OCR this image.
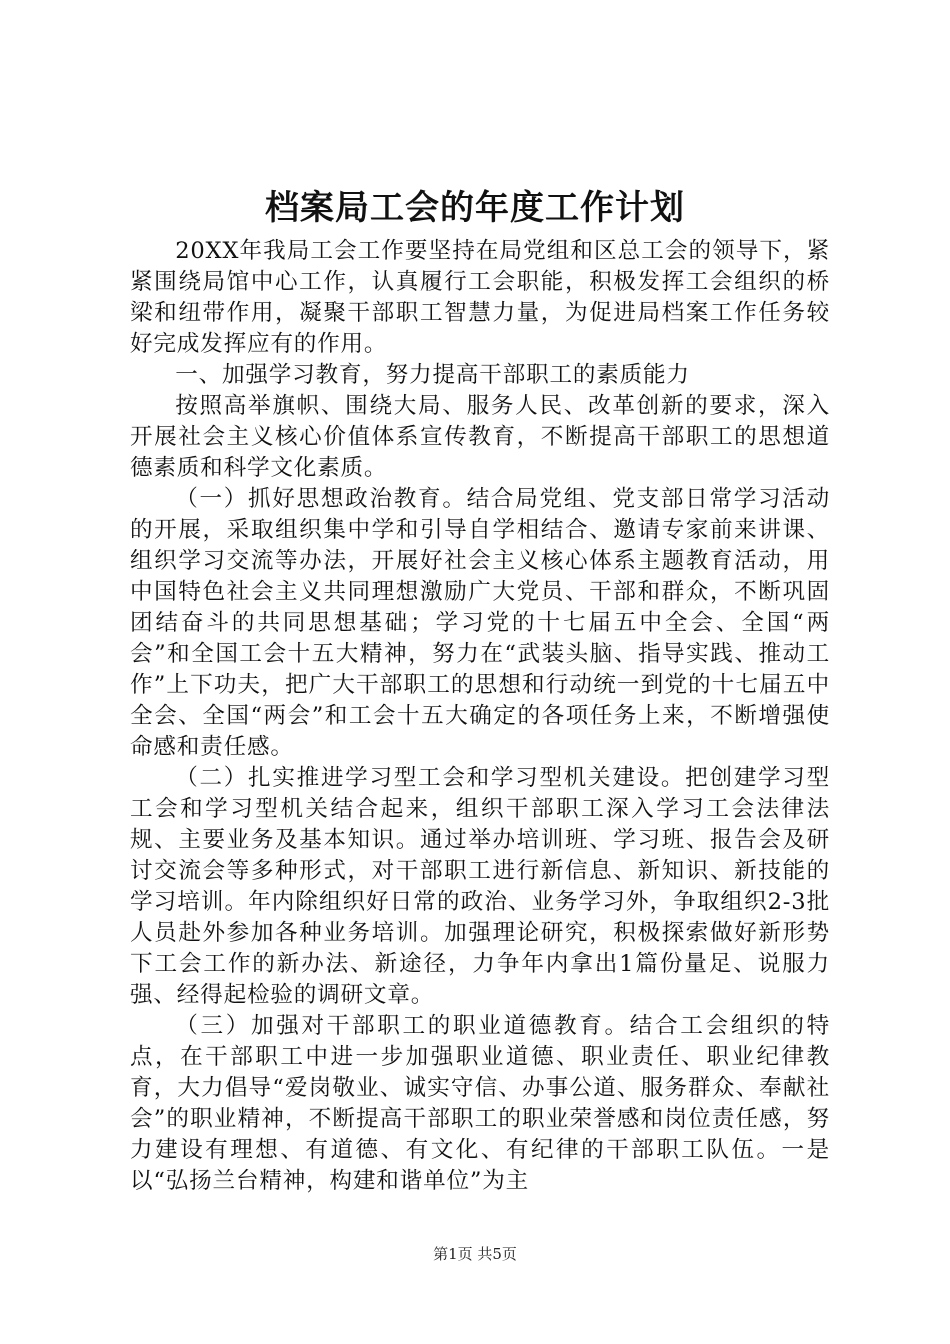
档案局工会的年度工作计划

20XX年我局工会工作要坚持在局党组和区总工会的领导下，紧紧围绕局馆中心工作，认真履行工会职能，积极发挥工会组织的桥梁和纽带作用，凝聚干部职工智慧力量，为促进局档案工作任务较好完成发挥应有的作用。

一、加强学习教育，努力提高干部职工的素质能力

按照高举旗帜、围绕大局、服务人民、改革创新的要求，深入开展社会主义核心价值体系宣传教育，不断提高干部职工的思想道德素质和科学文化素质。

（一）抓好思想政治教育。结合局党组、党支部日常学习活动的开展，采取组织集中学和引导自学相结合、邀请专家前来讲课、组织学习交流等办法，开展好社会主义核心体系主题教育活动，用中国特色社会主义共同理想激励广大党员、干部和群众，不断巩固团结奋斗的共同思想基础；学习党的十七届五中全会、全国“两会”和全国工会十五大精神，努力在“武装头脑、指导实践、推动工作”上下功夫，把广大干部职工的思想和行动统一到党的十七届五中全会、全国“两会”和工会十五大确定的各项任务上来，不断增强使命感和责任感。

（二）扎实推进学习型工会和学习型机关建设。把创建学习型工会和学习型机关结合起来，组织干部职工深入学习工会法律法规、主要业务及基本知识。通过举办培训班、学习班、报告会及研讨交流会等多种形式，对干部职工进行新信息、新知识、新技能的学习培训。年内除组织好日常的政治、业务学习外，争取组织2-3批人员赴外参加各种业务培训。加强理论研究，积极探索做好新形势下工会工作的新办法、新途径，力争年内拿出1篇份量足、说服力强、经得起检验的调研文章。

（三）加强对干部职工的职业道德教育。结合工会组织的特点，在干部职工中进一步加强职业道德、职业责任、职业纪律教育，大力倡导“爱岗敬业、诚实守信、办事公道、服务群众、奉献社会”的职业精神，不断提高干部职工的职业荣誉感和岗位责任感，努力建设有理想、有道德、有文化、有纪律的干部职工队伍。一是以“弘扬兰台精神，构建和谐单位”为主

第1页 共5页
